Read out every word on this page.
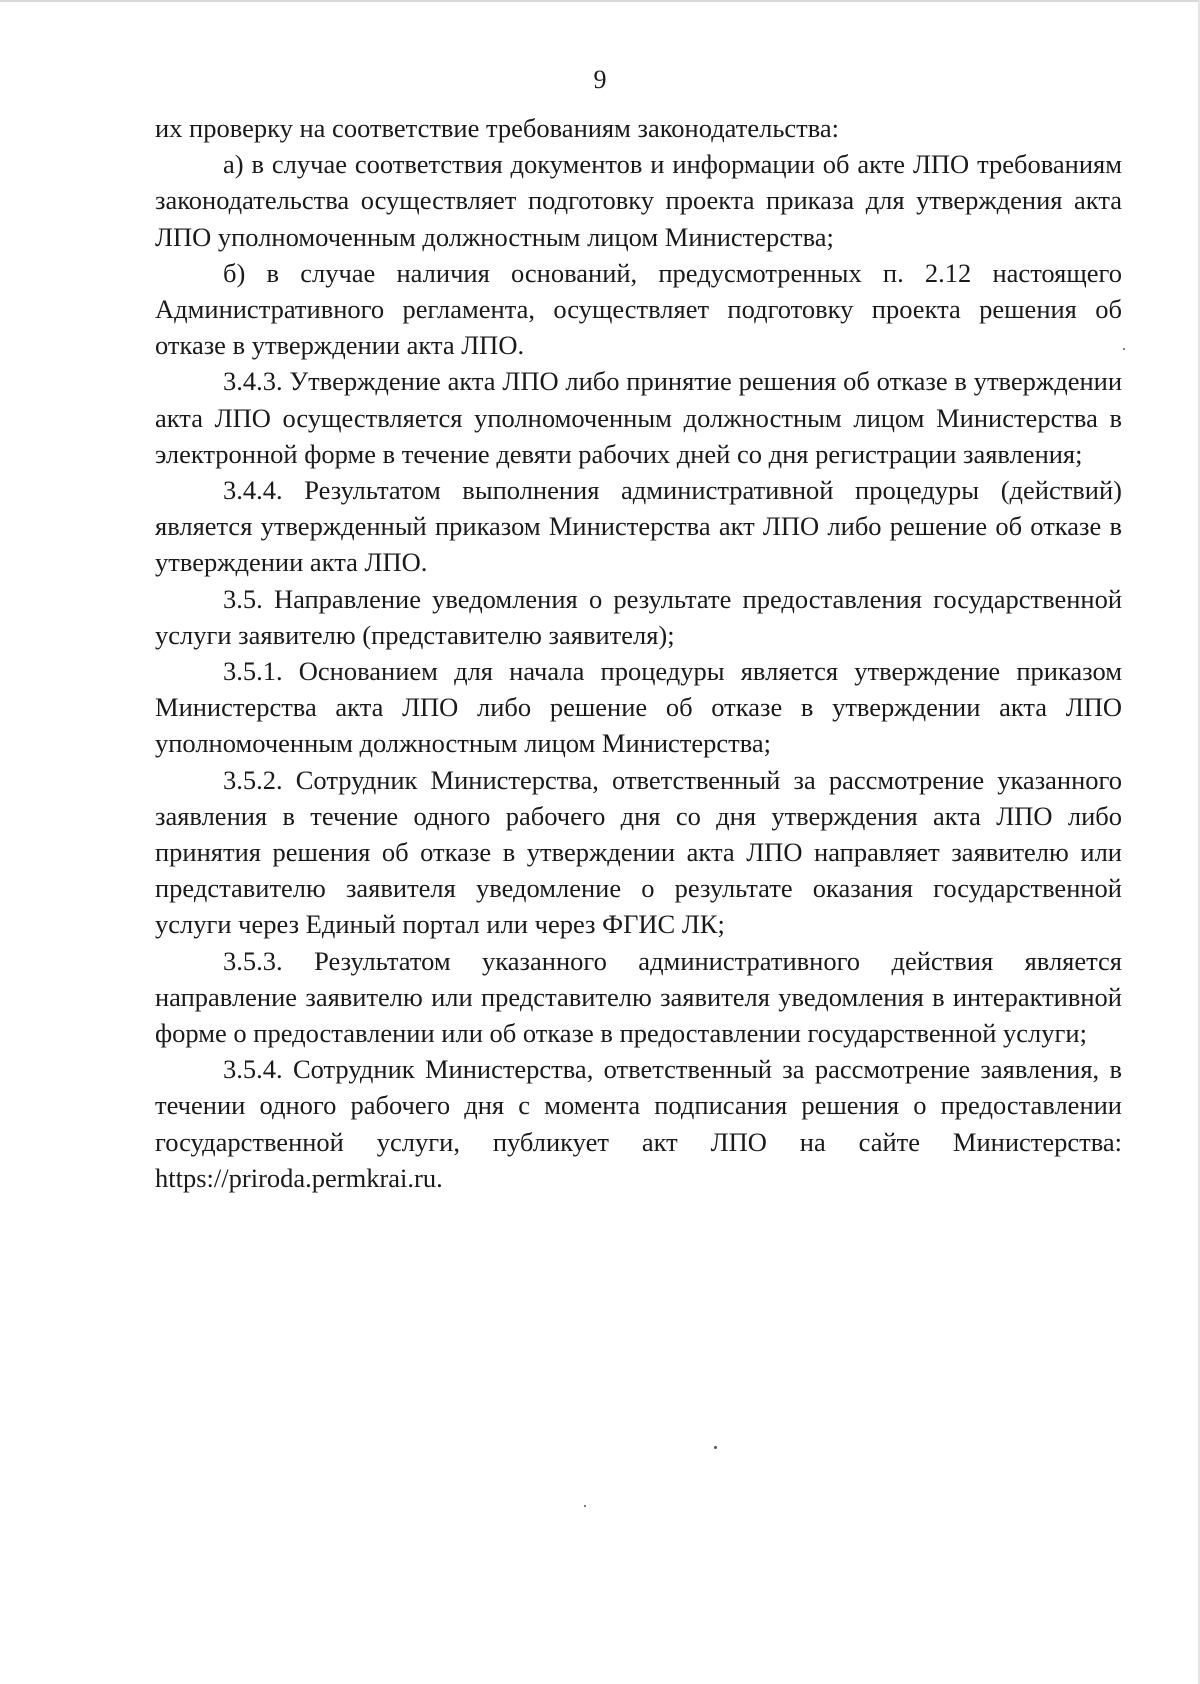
9

их проверку на соответствие требованиям законодательства:

а) в случае соответствия документов и информации об акте ЛПО требованиям законодательства осуществляет подготовку проекта приказа для утверждения акта ЛПО уполномоченным должностным лицом Министерства;

б) в случае наличия оснований, предусмотренных п. 2.12 настоящего Административного регламента, осуществляет подготовку проекта решения об отказе в утверждении акта ЛПО.

3.4.3. Утверждение акта ЛПО либо принятие решения об отказе в утверждении акта ЛПО осуществляется уполномоченным должностным лицом Министерства в электронной форме в течение девяти рабочих дней со дня регистрации заявления;

3.4.4. Результатом выполнения административной процедуры (действий) является утвержденный приказом Министерства акт ЛПО либо решение об отказе в утверждении акта ЛПО.

3.5. Направление уведомления о результате предоставления государственной услуги заявителю (представителю заявителя);

3.5.1. Основанием для начала процедуры является утверждение приказом Министерства акта ЛПО либо решение об отказе в утверждении акта ЛПО уполномоченным должностным лицом Министерства;

3.5.2. Сотрудник Министерства, ответственный за рассмотрение указанного заявления в течение одного рабочего дня со дня утверждения акта ЛПО либо принятия решения об отказе в утверждении акта ЛПО направляет заявителю или представителю заявителя уведомление о результате оказания государственной услуги через Единый портал или через ФГИС ЛК;

3.5.3. Результатом указанного административного действия является направление заявителю или представителю заявителя уведомления в интерактивной форме о предоставлении или об отказе в предоставлении государственной услуги;

3.5.4. Сотрудник Министерства, ответственный за рассмотрение заявления, в течении одного рабочего дня с момента подписания решения о предоставлении государственной услуги, публикует акт ЛПО на сайте Министерства: https://priroda.permkrai.ru.
